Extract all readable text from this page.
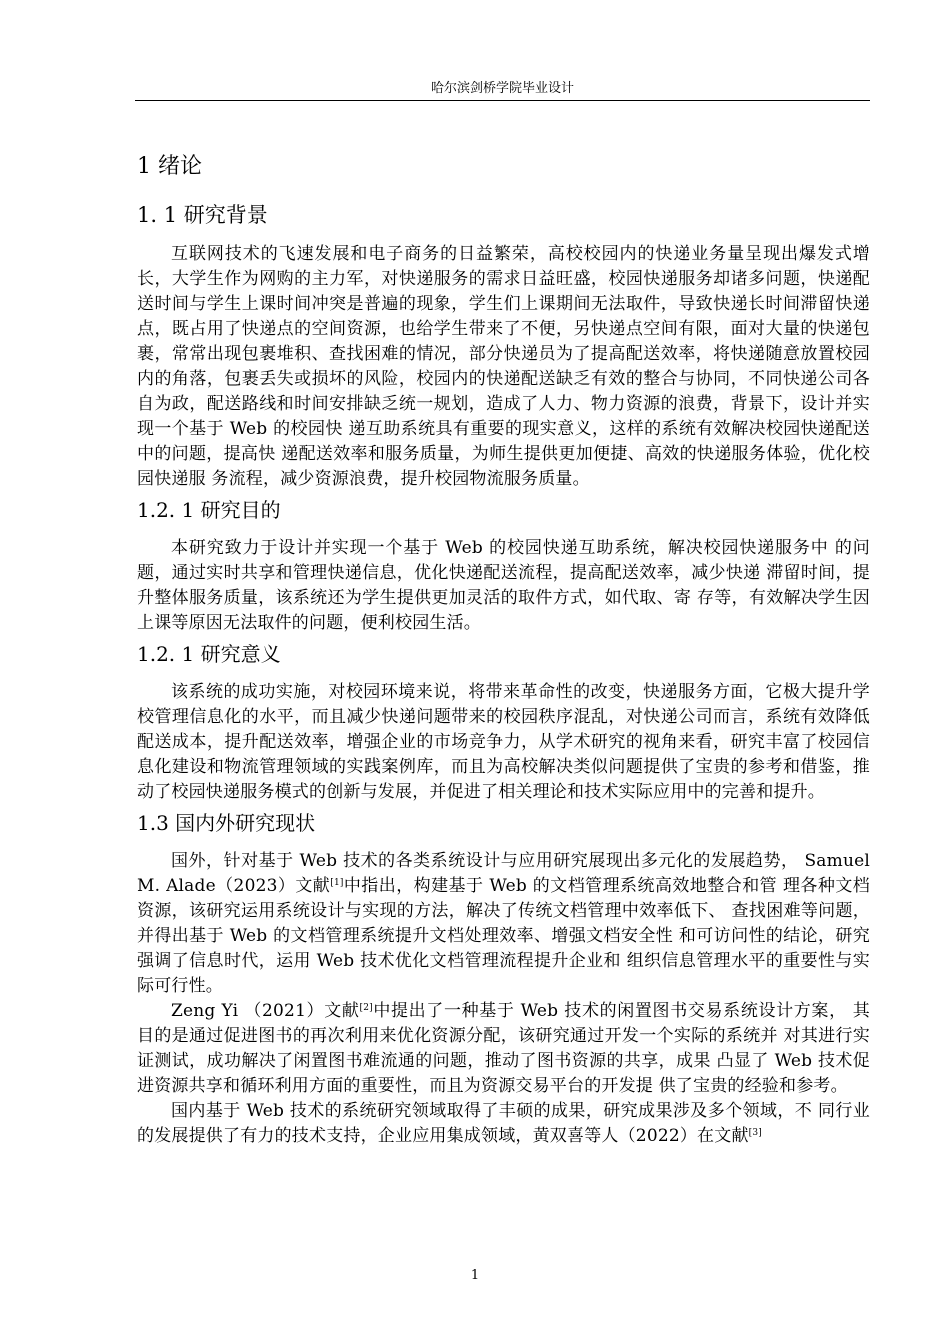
哈尔滨剑桥学院毕业设计
1 绪论
1. 1 研究背景

互联网技术的飞速发展和电子商务的日益繁荣，高校校园内的快递业务量呈现出爆发式增长，大学生作为网购的主力军，对快递服务的需求日益旺盛，校园快递服务却诸多问题，快递配送时间与学生上课时间冲突是普遍的现象，学生们上课期间无法取件，导致快递长时间滞留快递点，既占用了快递点的空间资源，也给学生带来了不便，另快递点空间有限，面对大量的快递包裹，常常出现包裹堆积、查找困难的情况，部分快递员为了提高配送效率，将快递随意放置校园内的角落，包裹丢失或损坏的风险，校园内的快递配送缺乏有效的整合与协同，不同快递公司各自为政，配送路线和时间安排缺乏统一规划，造成了人力、物力资源的浪费，背景下，设计并实现一个基于 Web 的校园快 递互助系统具有重要的现实意义，这样的系统有效解决校园快递配送中的问题，提高快 递配送效率和服务质量，为师生提供更加便捷、高效的快递服务体验，优化校园快递服 务流程，减少资源浪费，提升校园物流服务质量。

1.2. 1 研究目的

本研究致力于设计并实现一个基于 Web 的校园快递互助系统，解决校园快递服务中 的问题，通过实时共享和管理快递信息，优化快递配送流程，提高配送效率，减少快递 滞留时间，提升整体服务质量，该系统还为学生提供更加灵活的取件方式，如代取、寄 存等，有效解决学生因上课等原因无法取件的问题，便利校园生活。

1.2. 1 研究意义

该系统的成功实施，对校园环境来说，将带来革命性的改变，快递服务方面，它极大提升学校管理信息化的水平，而且减少快递问题带来的校园秩序混乱，对快递公司而言，系统有效降低配送成本，提升配送效率，增强企业的市场竞争力，从学术研究的视角来看，研究丰富了校园信息化建设和物流管理领域的实践案例库，而且为高校解决类似问题提供了宝贵的参考和借鉴，推动了校园快递服务模式的创新与发展，并促进了相关理论和技术实际应用中的完善和提升。

1.3 国内外研究现状

国外，针对基于 Web 技术的各类系统设计与应用研究展现出多元化的发展趋势， Samuel M. Alade（2023）文献[1]中指出，构建基于 Web 的文档管理系统高效地整合和管 理各种文档资源，该研究运用系统设计与实现的方法，解决了传统文档管理中效率低下、 查找困难等问题，并得出基于 Web 的文档管理系统提升文档处理效率、增强文档安全性 和可访问性的结论，研究强调了信息时代，运用 Web 技术优化文档管理流程提升企业和 组织信息管理水平的重要性与实际可行性。

Zeng Yi （2021）文献[2]中提出了一种基于 Web 技术的闲置图书交易系统设计方案， 其目的是通过促进图书的再次利用来优化资源分配，该研究通过开发一个实际的系统并 对其进行实证测试，成功解决了闲置图书难流通的问题，推动了图书资源的共享，成果 凸显了 Web 技术促进资源共享和循环利用方面的重要性，而且为资源交易平台的开发提 供了宝贵的经验和参考。

国内基于 Web 技术的系统研究领域取得了丰硕的成果，研究成果涉及多个领域，不 同行业的发展提供了有力的技术支持，企业应用集成领域，黄双喜等人（2022）在文献[3]

1
